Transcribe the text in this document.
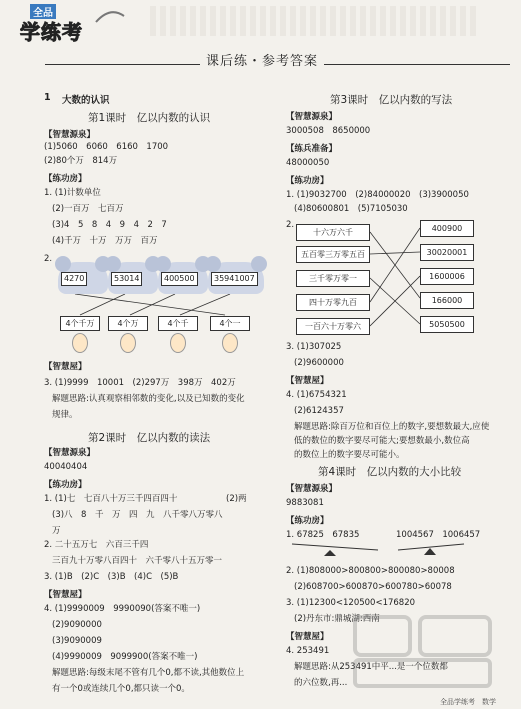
全品
学练考
课后练・参考答案
1 大数的认识
第1课时　亿以内数的认识
【智慧源泉】
(1)5060　6060　6160　1700
(2)80个万　814万
【练功房】
1. (1)计数单位
(2)一百万　七百万
(3)4　5　8　4　9　4　2　7
(4)千万　十万　万万　百万
2.
4270	53014	400500	35941007
4个千万	4个万	4个千	4个一
【智慧屋】
3. (1)9999　10001　(2)297万　398万　402万
解题思路:认真观察相邻数的变化,以及已知数的变化
规律。
第2课时　亿以内数的读法
【智慧源泉】
40040404
【练功房】
1. (1)七　七百八十万三千四百四十	(2)两
(3)八　8　千　万　四　九　八千零八万零八
万
2. 二十五万七　六百三千四
三百九十万零八百四十　六千零八十五万零一
3. (1)B　(2)C　(3)B　(4)C　(5)B
【智慧屋】
4. (1)9990009　9990090(答案不唯一)
(2)9090000
(3)9090009
(4)9990009　9099900(答案不唯一)
解题思路:每级末尾不管有几个0,都不读,其他数位上
有一个0或连续几个0,都只读一个0。
第3课时　亿以内数的写法
【智慧源泉】
3000508　8650000
【练兵准备】
48000050
【练功房】
1. (1)9032700　(2)84000020　(3)3900050
(4)80600801　(5)7105030
2.
十六万六千
五百零三万零五百
三千零万零一
四十万零九百
一百六十万零六
400900
30020001
1600006
166000
5050500
3. (1)307025
(2)9600000
【智慧屋】
4. (1)6754321
(2)6124357
解题思路:除百万位和百位上的数字,要想数最大,应使
低的数位的数字要尽可能大;要想数最小,数位高
的数位上的数字要尽可能小。
第4课时　亿以内数的大小比较
【智慧源泉】
9883081
【练功房】
1. 67825　67835	1004567　1006457
2. (1)808000>800800>800080>80008
(2)608700>600870>600780>60078
3. (1)12300<120500<176820
(2)丹东市:鼎城湖:西南
【智慧屋】
4. 253491
解题思路:从253491中平...是一个位数都
的六位数,再...
全品学练考　数学
